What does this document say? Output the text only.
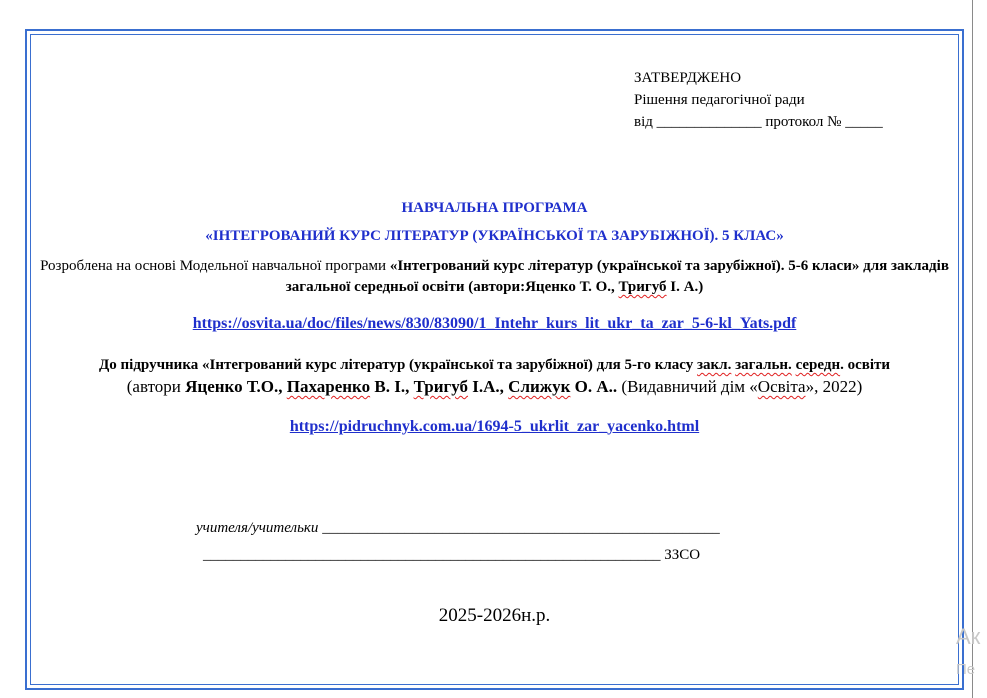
ЗАТВЕРДЖЕНО
Рішення педагогічної ради
від ______________ протокол № _____
НАВЧАЛЬНА ПРОГРАМА
«ІНТЕГРОВАНИЙ КУРС ЛІТЕРАТУР (УКРАЇНСЬКОЇ ТА ЗАРУБІЖНОЇ). 5 КЛАС»
Розроблена на основі Модельної навчальної програми «Інтегрований курс літератур (української та зарубіжної). 5-6 класи» для закладів загальної середньої освіти (автори:Яценко Т. О., Тригуб І. А.)
https://osvita.ua/doc/files/news/830/83090/1_Intehr_kurs_lit_ukr_ta_zar_5-6-kl_Yats.pdf
До підручника «Інтегрований курс літератур (української та зарубіжної) для 5-го класу закл. загальн. середн. освіти
(автори Яценко Т.О., Пахаренко В. І., Тригуб І.А., Слижук О. А.. (Видавничий дім «Освіта», 2022)
https://pidruchnyk.com.ua/1694-5_ukrlit_zar_yacenko.html
учителя/учительки _____________________________________________________
_____________________________________________________________ ЗЗСО
2025-2026н.р.
Ак
Пе
